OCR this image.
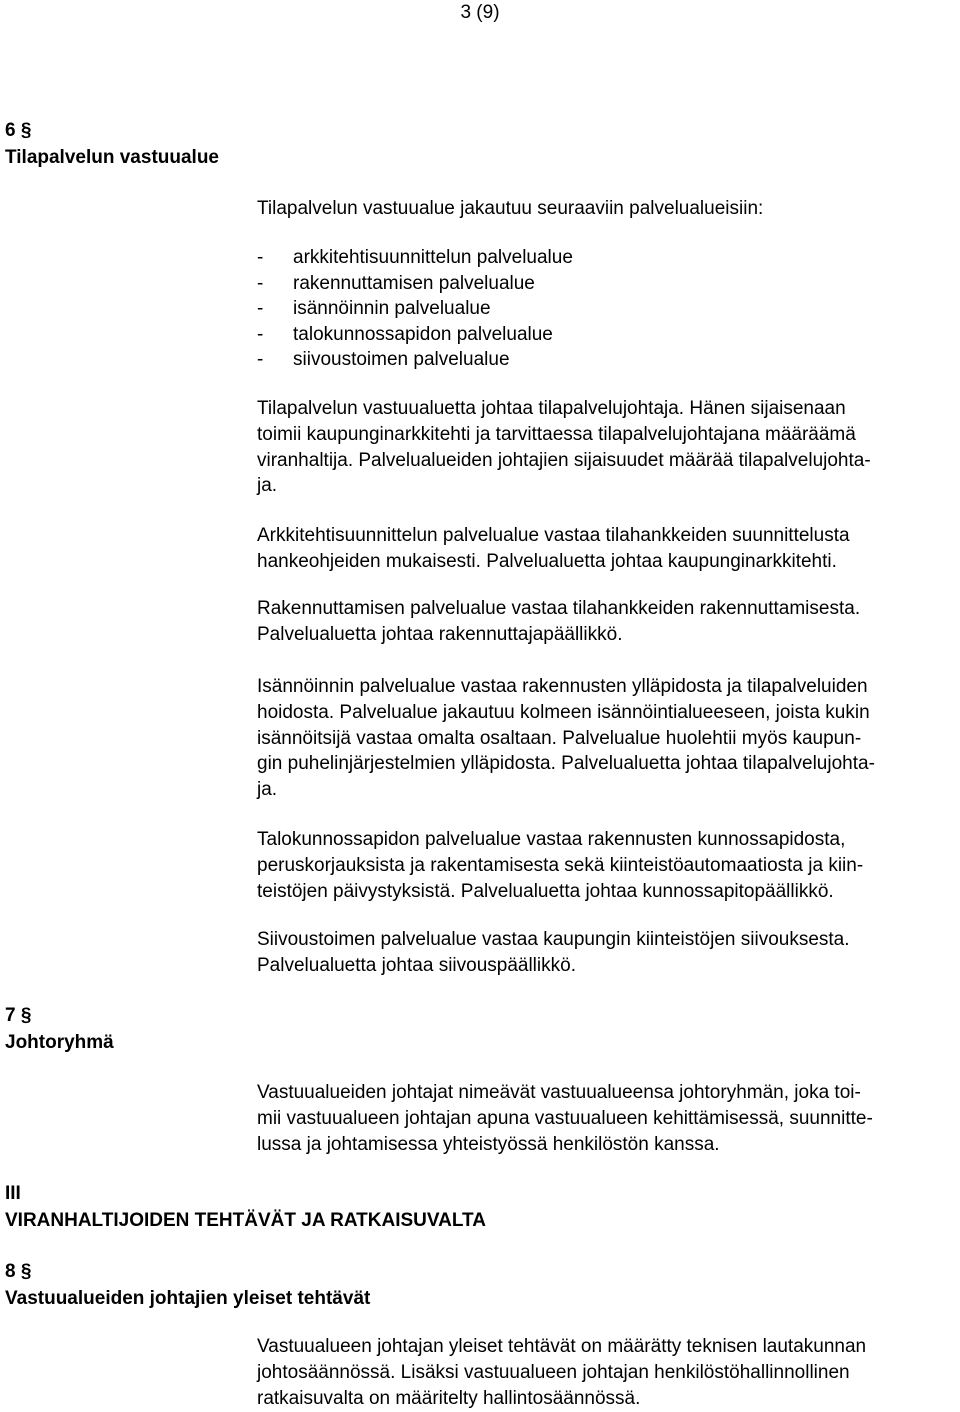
3 (9)
6 §
Tilapalvelun vastuualue
Tilapalvelun vastuualue jakautuu seuraaviin palvelualueisiin:
- arkkitehtisuunnittelun palvelualue
- rakennuttamisen palvelualue
- isännöinnin palvelualue
- talokunnossapidon palvelualue
- siivoustoimen palvelualue
Tilapalvelun vastuualuetta johtaa tilapalvelujohtaja. Hänen sijaisenaan
toimii kaupunginarkkitehti ja tarvittaessa tilapalvelujohtajana määräämä
viranhaltija. Palvelualueiden johtajien sijaisuudet määrää tilapalvelujohta-
ja.
Arkkitehtisuunnittelun palvelualue vastaa tilahankkeiden suunnittelusta
hankeohjeiden mukaisesti. Palvelualuetta johtaa kaupunginarkkitehti.
Rakennuttamisen palvelualue vastaa tilahankkeiden rakennuttamisesta.
Palvelualuetta johtaa rakennuttajapäällikkö.
Isännöinnin palvelualue vastaa rakennusten ylläpidosta ja tilapalveluiden
hoidosta. Palvelualue jakautuu kolmeen isännöintialueeseen, joista kukin
isännöitsijä vastaa omalta osaltaan. Palvelualue huolehtii myös kaupun-
gin puhelinjärjestelmien ylläpidosta. Palvelualuetta johtaa tilapalvelujohta-
ja.
Talokunnossapidon palvelualue vastaa rakennusten kunnossapidosta,
peruskorjauksista ja rakentamisesta sekä kiinteistöautomaatiosta ja kiin-
teistöjen päivystyksistä. Palvelualuetta johtaa kunnossapitopäällikkö.
Siivoustoimen palvelualue vastaa kaupungin kiinteistöjen siivouksesta.
Palvelualuetta johtaa siivouspäällikkö.
7 §
Johtoryhmä
Vastuualueiden johtajat nimeävät vastuualueensa johtoryhmän, joka toi-
mii vastuualueen johtajan apuna vastuualueen kehittämisessä, suunnitte-
lussa ja johtamisessa yhteistyössä henkilöstön kanssa.
III
VIRANHALTIJOIDEN TEHTÄVÄT JA RATKAISUVALTA
8 §
Vastuualueiden johtajien yleiset tehtävät
Vastuualueen johtajan yleiset tehtävät on määrätty teknisen lautakunnan
johtosäännössä. Lisäksi vastuualueen johtajan henkilöstöhallinnollinen
ratkaisuvalta on määritelty hallintosäännössä.
